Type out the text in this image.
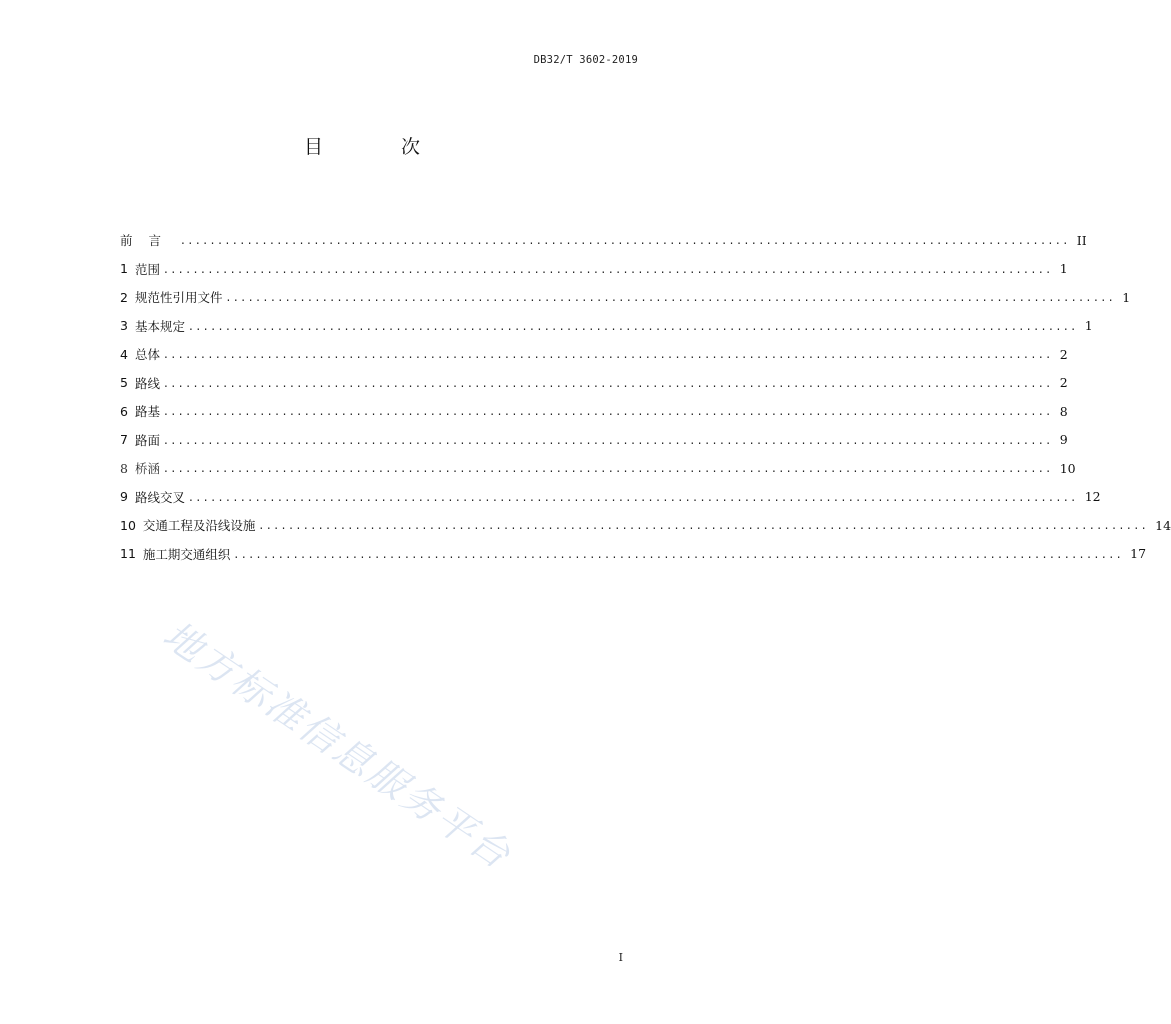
DB32/T 3602-2019
目 次
前言 ........................................................................................................................ II
1 范围 ........................................................................................................................ 1
2 规范性引用文件 ........................................................................................................................ 1
3 基本规定 ........................................................................................................................ 1
4 总体 ........................................................................................................................ 2
5 路线 ........................................................................................................................ 2
6 路基 ........................................................................................................................ 8
7 路面 ........................................................................................................................ 9
8 桥涵 ........................................................................................................................ 10
9 路线交叉 ........................................................................................................................ 12
10 交通工程及沿线设施 ........................................................................................................................ 14
11 施工期交通组织 ........................................................................................................................ 17
地方标准信息服务平台
I
